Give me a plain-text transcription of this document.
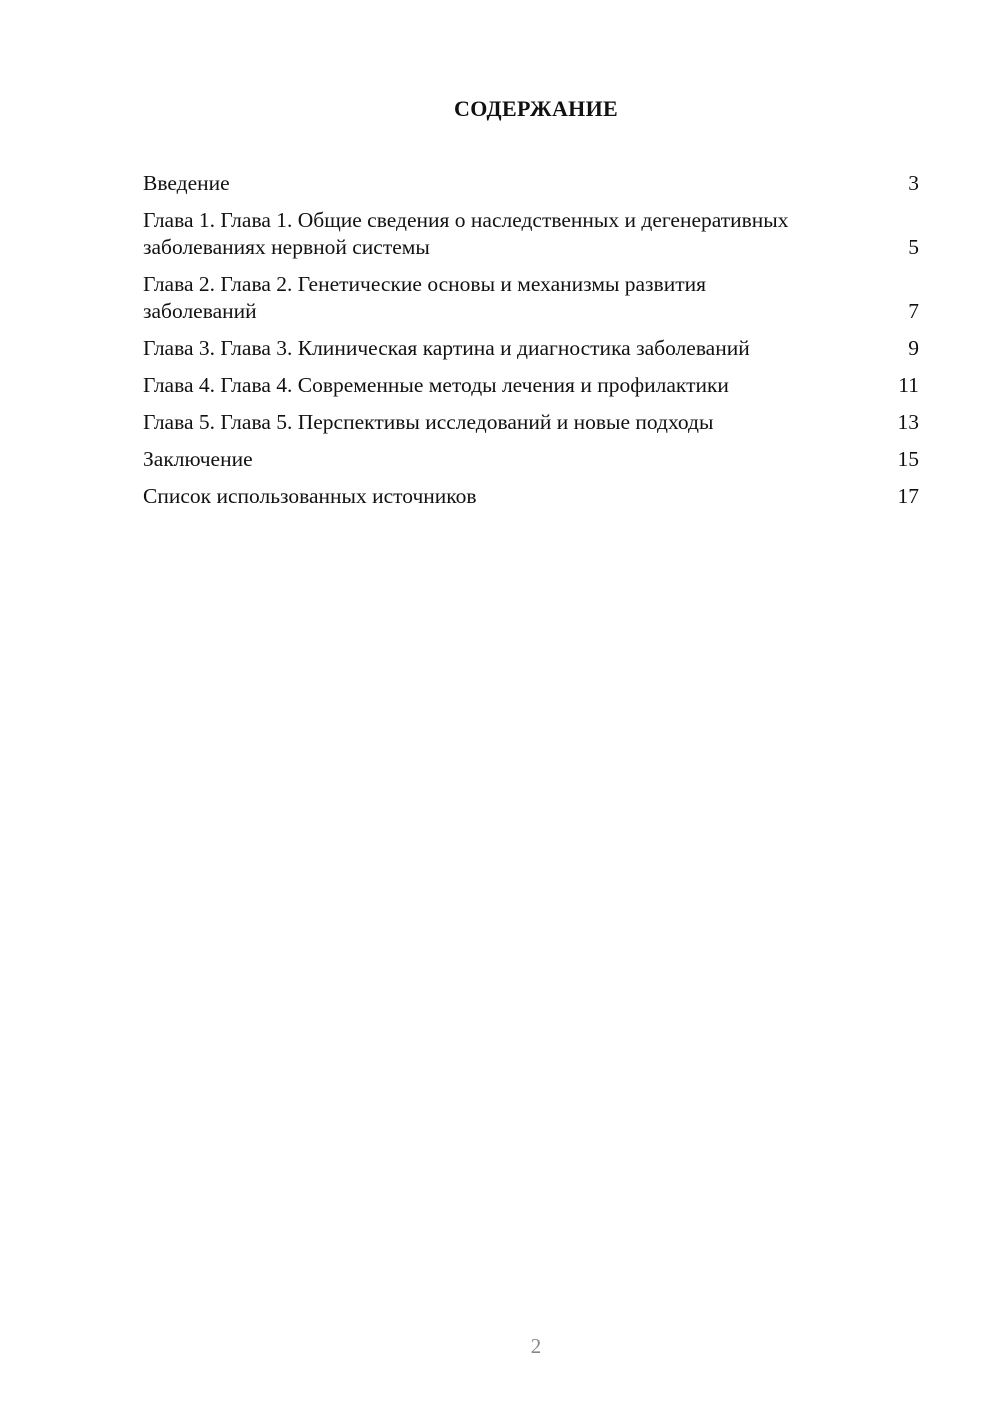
СОДЕРЖАНИЕ
Введение	3
Глава 1. Глава 1. Общие сведения о наследственных и дегенеративных заболеваниях нервной системы	5
Глава 2. Глава 2. Генетические основы и механизмы развития заболеваний	7
Глава 3. Глава 3. Клиническая картина и диагностика заболеваний	9
Глава 4. Глава 4. Современные методы лечения и профилактики	11
Глава 5. Глава 5. Перспективы исследований и новые подходы	13
Заключение	15
Список использованных источников	17
2
